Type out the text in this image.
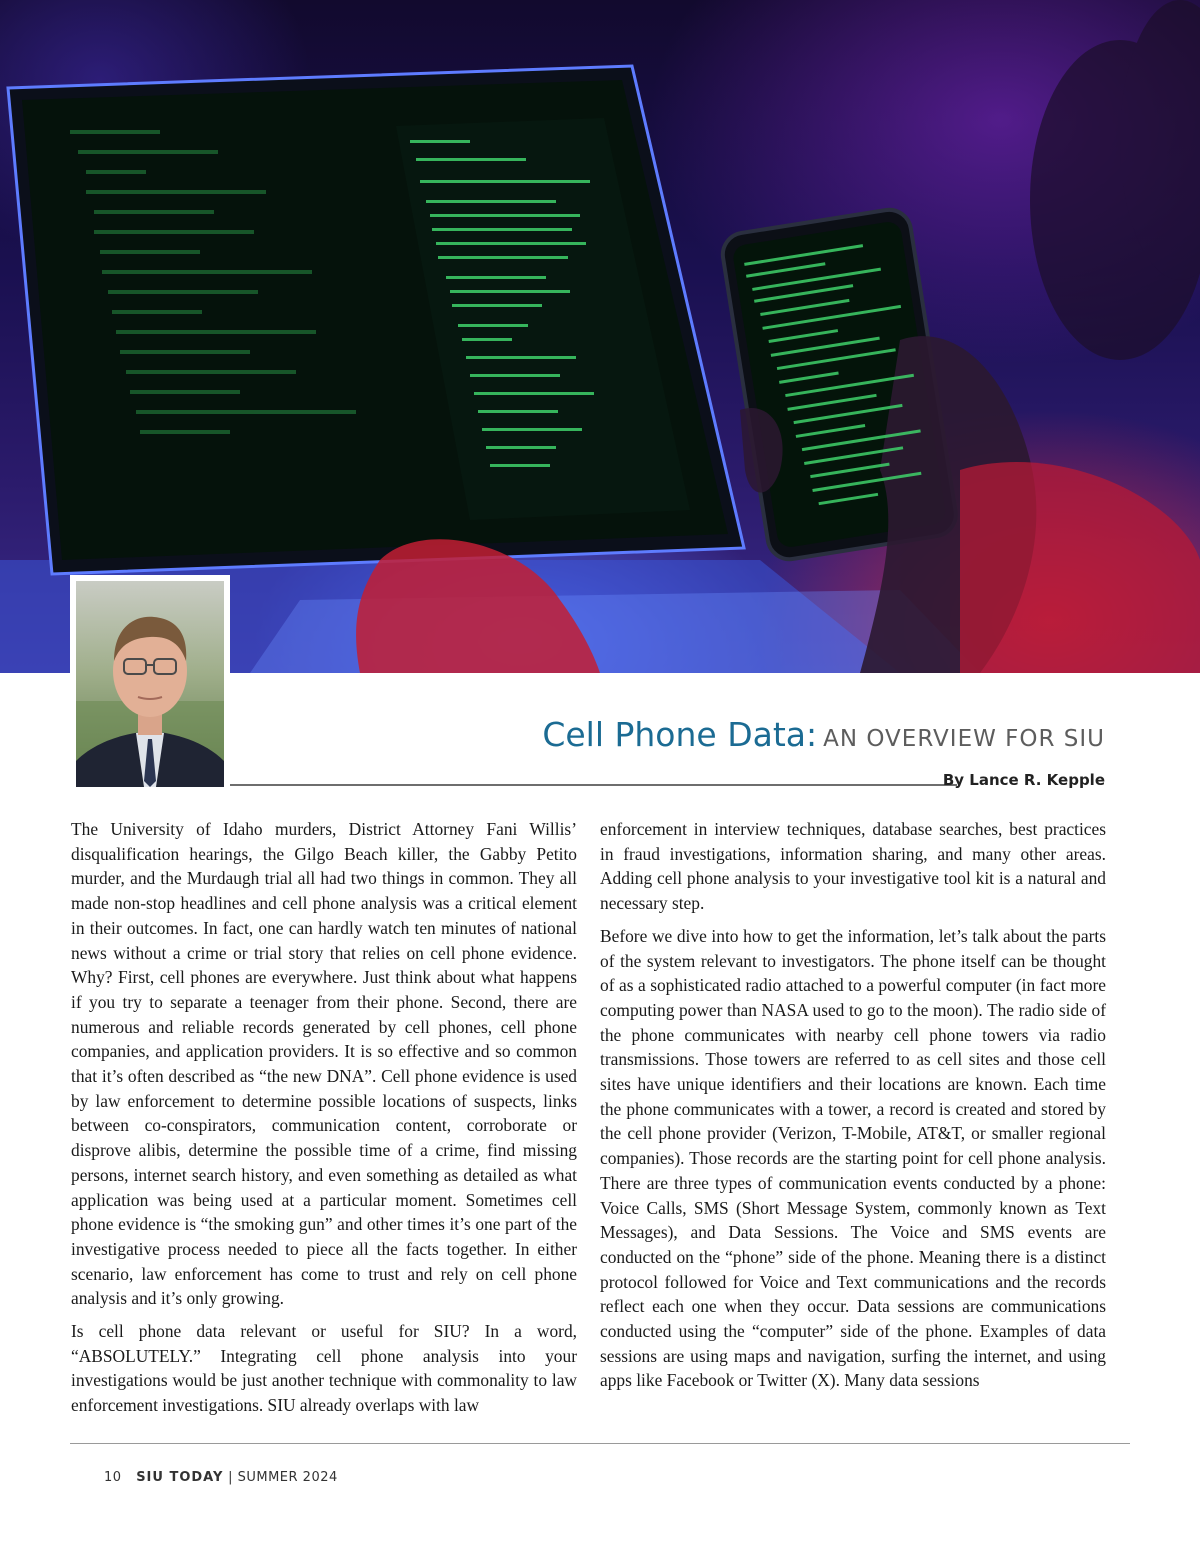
Cell Phone Data: AN OVERVIEW FOR SIU
By Lance R. Kepple

The University of Idaho murders, District Attorney Fani Willis’ disqualification hearings, the Gilgo Beach killer, the Gabby Petito murder, and the Murdaugh trial all had two things in common. They all made non-stop headlines and cell phone analysis was a critical element in their outcomes. In fact, one can hardly watch ten minutes of national news without a crime or trial story that relies on cell phone evidence. Why? First, cell phones are everywhere. Just think about what happens if you try to separate a teenager from their phone. Second, there are numerous and reliable records generated by cell phones, cell phone companies, and application providers. It is so effective and so common that it’s often described as “the new DNA”. Cell phone evidence is used by law enforcement to determine possible locations of suspects, links between co-conspirators, communication content, corroborate or disprove alibis, determine the possible time of a crime, find missing persons, internet search history, and even something as detailed as what application was being used at a particular moment. Sometimes cell phone evidence is “the smoking gun” and other times it’s one part of the investigative process needed to piece all the facts together. In either scenario, law enforcement has come to trust and rely on cell phone analysis and it’s only growing.

Is cell phone data relevant or useful for SIU? In a word, “ABSOLUTELY.” Integrating cell phone analysis into your investigations would be just another technique with commonality to law enforcement investigations. SIU already overlaps with law

enforcement in interview techniques, database searches, best practices in fraud investigations, information sharing, and many other areas. Adding cell phone analysis to your investigative tool kit is a natural and necessary step.

Before we dive into how to get the information, let’s talk about the parts of the system relevant to investigators. The phone itself can be thought of as a sophisticated radio attached to a powerful computer (in fact more computing power than NASA used to go to the moon). The radio side of the phone communicates with nearby cell phone towers via radio transmissions. Those towers are referred to as cell sites and those cell sites have unique identifiers and their locations are known. Each time the phone communicates with a tower, a record is created and stored by the cell phone provider (Verizon, T-Mobile, AT&T, or smaller regional companies). Those records are the starting point for cell phone analysis. There are three types of communication events conducted by a phone: Voice Calls, SMS (Short Message System, commonly known as Text Messages), and Data Sessions. The Voice and SMS events are conducted on the “phone” side of the phone. Meaning there is a distinct protocol followed for Voice and Text communications and the records reflect each one when they occur. Data sessions are communications conducted using the “computer” side of the phone. Examples of data sessions are using maps and navigation, surfing the internet, and using apps like Facebook or Twitter (X). Many data sessions

10 SIU TODAY | SUMMER 2024
